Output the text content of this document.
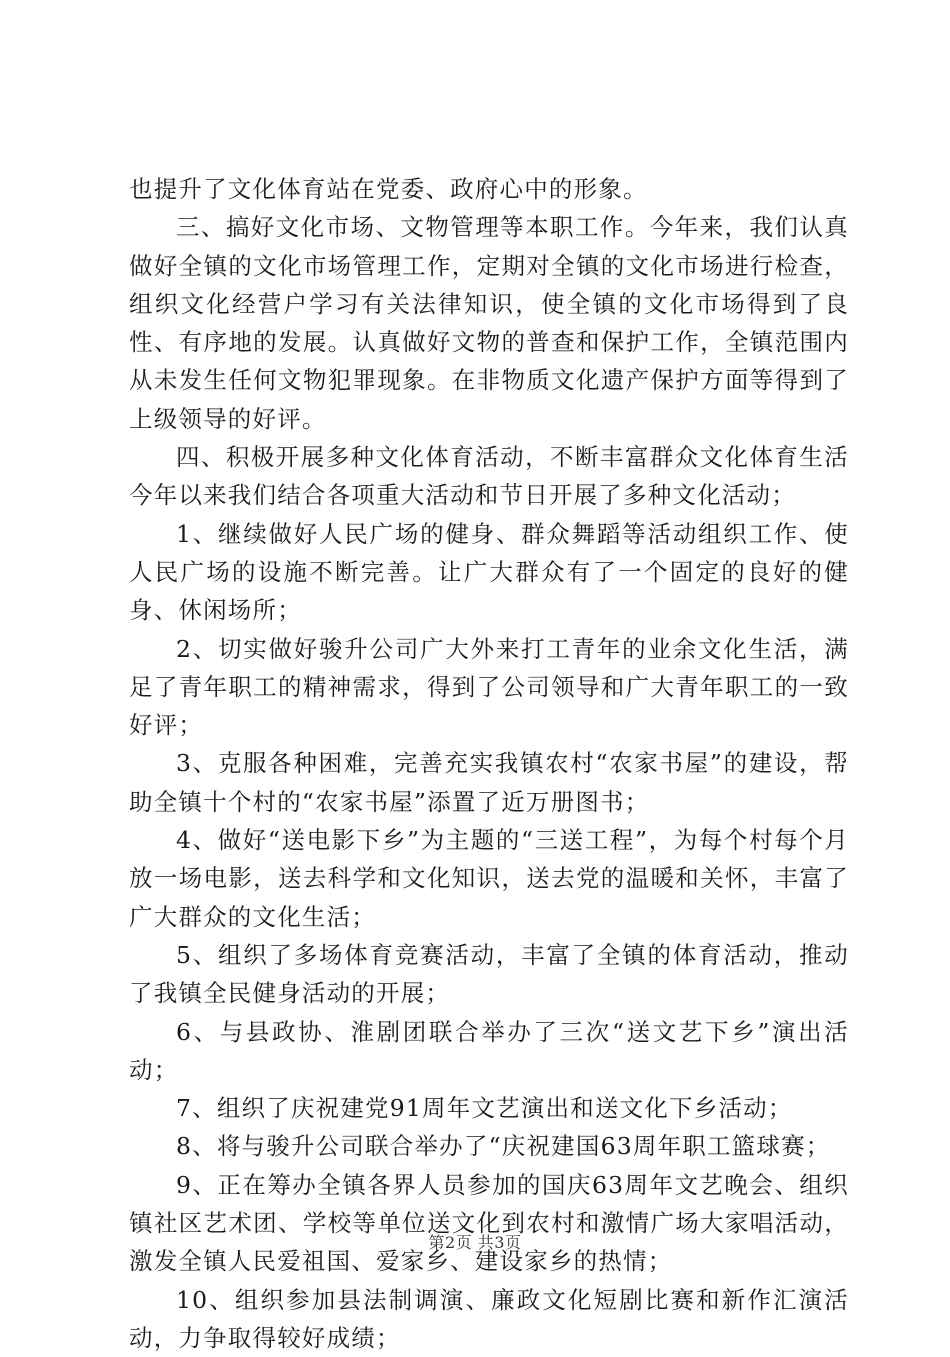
也提升了文化体育站在党委、政府心中的形象。

三、搞好文化市场、文物管理等本职工作。今年来，我们认真做好全镇的文化市场管理工作，定期对全镇的文化市场进行检查，组织文化经营户学习有关法律知识，使全镇的文化市场得到了良性、有序地的发展。认真做好文物的普查和保护工作，全镇范围内从未发生任何文物犯罪现象。在非物质文化遗产保护方面等得到了上级领导的好评。

四、积极开展多种文化体育活动，不断丰富群众文化体育生活今年以来我们结合各项重大活动和节日开展了多种文化活动；

1、继续做好人民广场的健身、群众舞蹈等活动组织工作、使人民广场的设施不断完善。让广大群众有了一个固定的良好的健身、休闲场所；

2、切实做好骏升公司广大外来打工青年的业余文化生活，满足了青年职工的精神需求，得到了公司领导和广大青年职工的一致好评；

3、克服各种困难，完善充实我镇农村“农家书屋”的建设，帮助全镇十个村的“农家书屋”添置了近万册图书；

4、做好“送电影下乡”为主题的“三送工程”，为每个村每个月放一场电影，送去科学和文化知识，送去党的温暖和关怀，丰富了广大群众的文化生活；

5、组织了多场体育竞赛活动，丰富了全镇的体育活动，推动了我镇全民健身活动的开展；

6、与县政协、淮剧团联合举办了三次“送文艺下乡”演出活动；

7、组织了庆祝建党91周年文艺演出和送文化下乡活动；

8、将与骏升公司联合举办了“庆祝建国63周年职工篮球赛；

9、正在筹办全镇各界人员参加的国庆63周年文艺晚会、组织镇社区艺术团、学校等单位送文化到农村和激情广场大家唱活动，激发全镇人民爱祖国、爱家乡、建设家乡的热情；

10、组织参加县法制调演、廉政文化短剧比赛和新作汇演活动，力争取得较好成绩；

第2页 共3页
